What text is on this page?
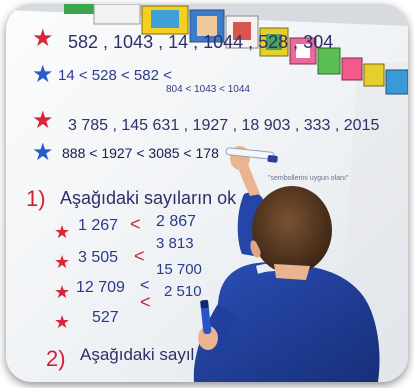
★ 582 , 1043 , 14 , 1044 , 528 , 304
★ 14 < 528 < 582 <
804 < 1043 < 1044
★ 3 785 , 145 631 , 1927 , 18 903 , 333 , 2015
★ 888 < 1927 < 3085 < 178
1) Aşağıdaki sayıların ok
"sembollerini uygun olanı"
★ 1 267 < 2 867
★ 3 505 <
3 813
★ 12 709 <
15 700
★ 527
<
2 510
2) Aşağıdaki sayıl
